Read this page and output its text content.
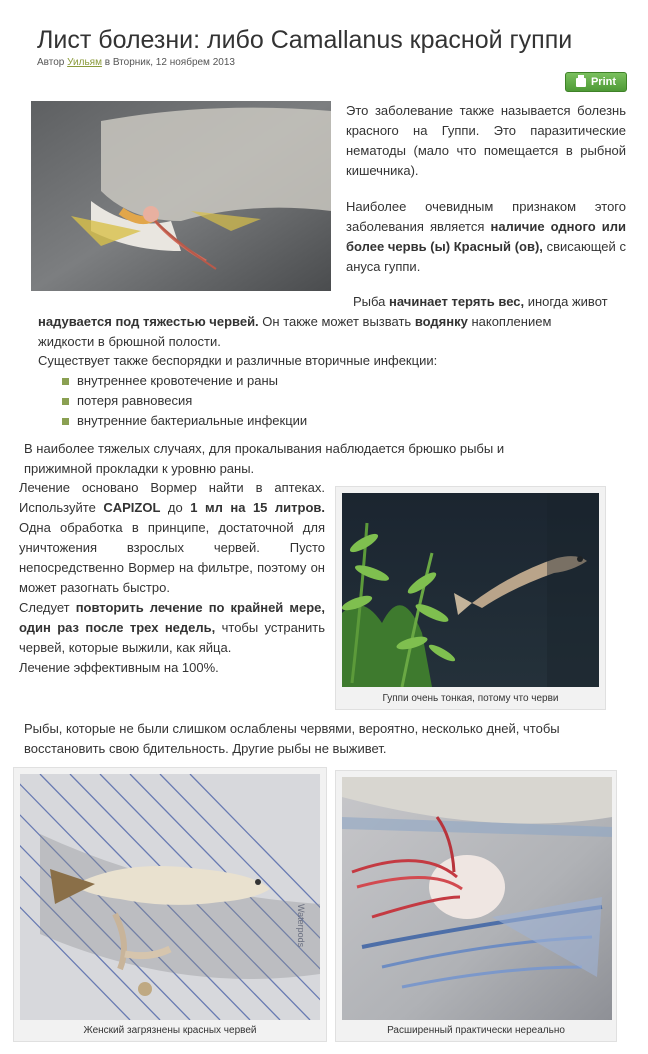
Лист болезни: либо Camallanus красной гуппи
Автор Уильям в Вторник, 12 ноябрем 2013
Print
Это заболевание также называется болезнь красного на Гуппи. Это паразитические нематоды (мало что помещается в рыбной кишечника).
Наиболее очевидным признаком этого заболевания является наличие одного или более червь (ы) Красный (ов), свисающей с ануса гуппи.
Рыба начинает терять вес, иногда живот
надувается под тяжестью червей. Он также может вызвать водянку накоплением
жидкости в брюшной полости.
Существует также беспорядки и различные вторичные инфекции:
внутреннее кровотечение и раны
потеря равновесия
внутренние бактериальные инфекции
В наиболее тяжелых случаях, для прокалывания наблюдается брюшко рыбы и
прижимной прокладки к уровню раны.
Лечение основано Вормер найти в аптеках. Используйте CAPIZOL до 1 мл на 15 литров. Одна обработка в принципе, достаточной для уничтожения взрослых червей. Пусто непосредственно Вормер на фильтре, поэтому он может разогнать быстро.
Следует повторить лечение по крайней мере, один раз после трех недель, чтобы устранить червей, которые выжили, как яйца.
Лечение эффективным на 100%.
Гуппи очень тонкая, потому что черви
Рыбы, которые не были слишком ослаблены червями, вероятно, несколько дней, чтобы
восстановить свою бдительность. Другие рыбы не выживет.
Waterpods
Женский загрязнены красных червей	Расширенный практически нереально
